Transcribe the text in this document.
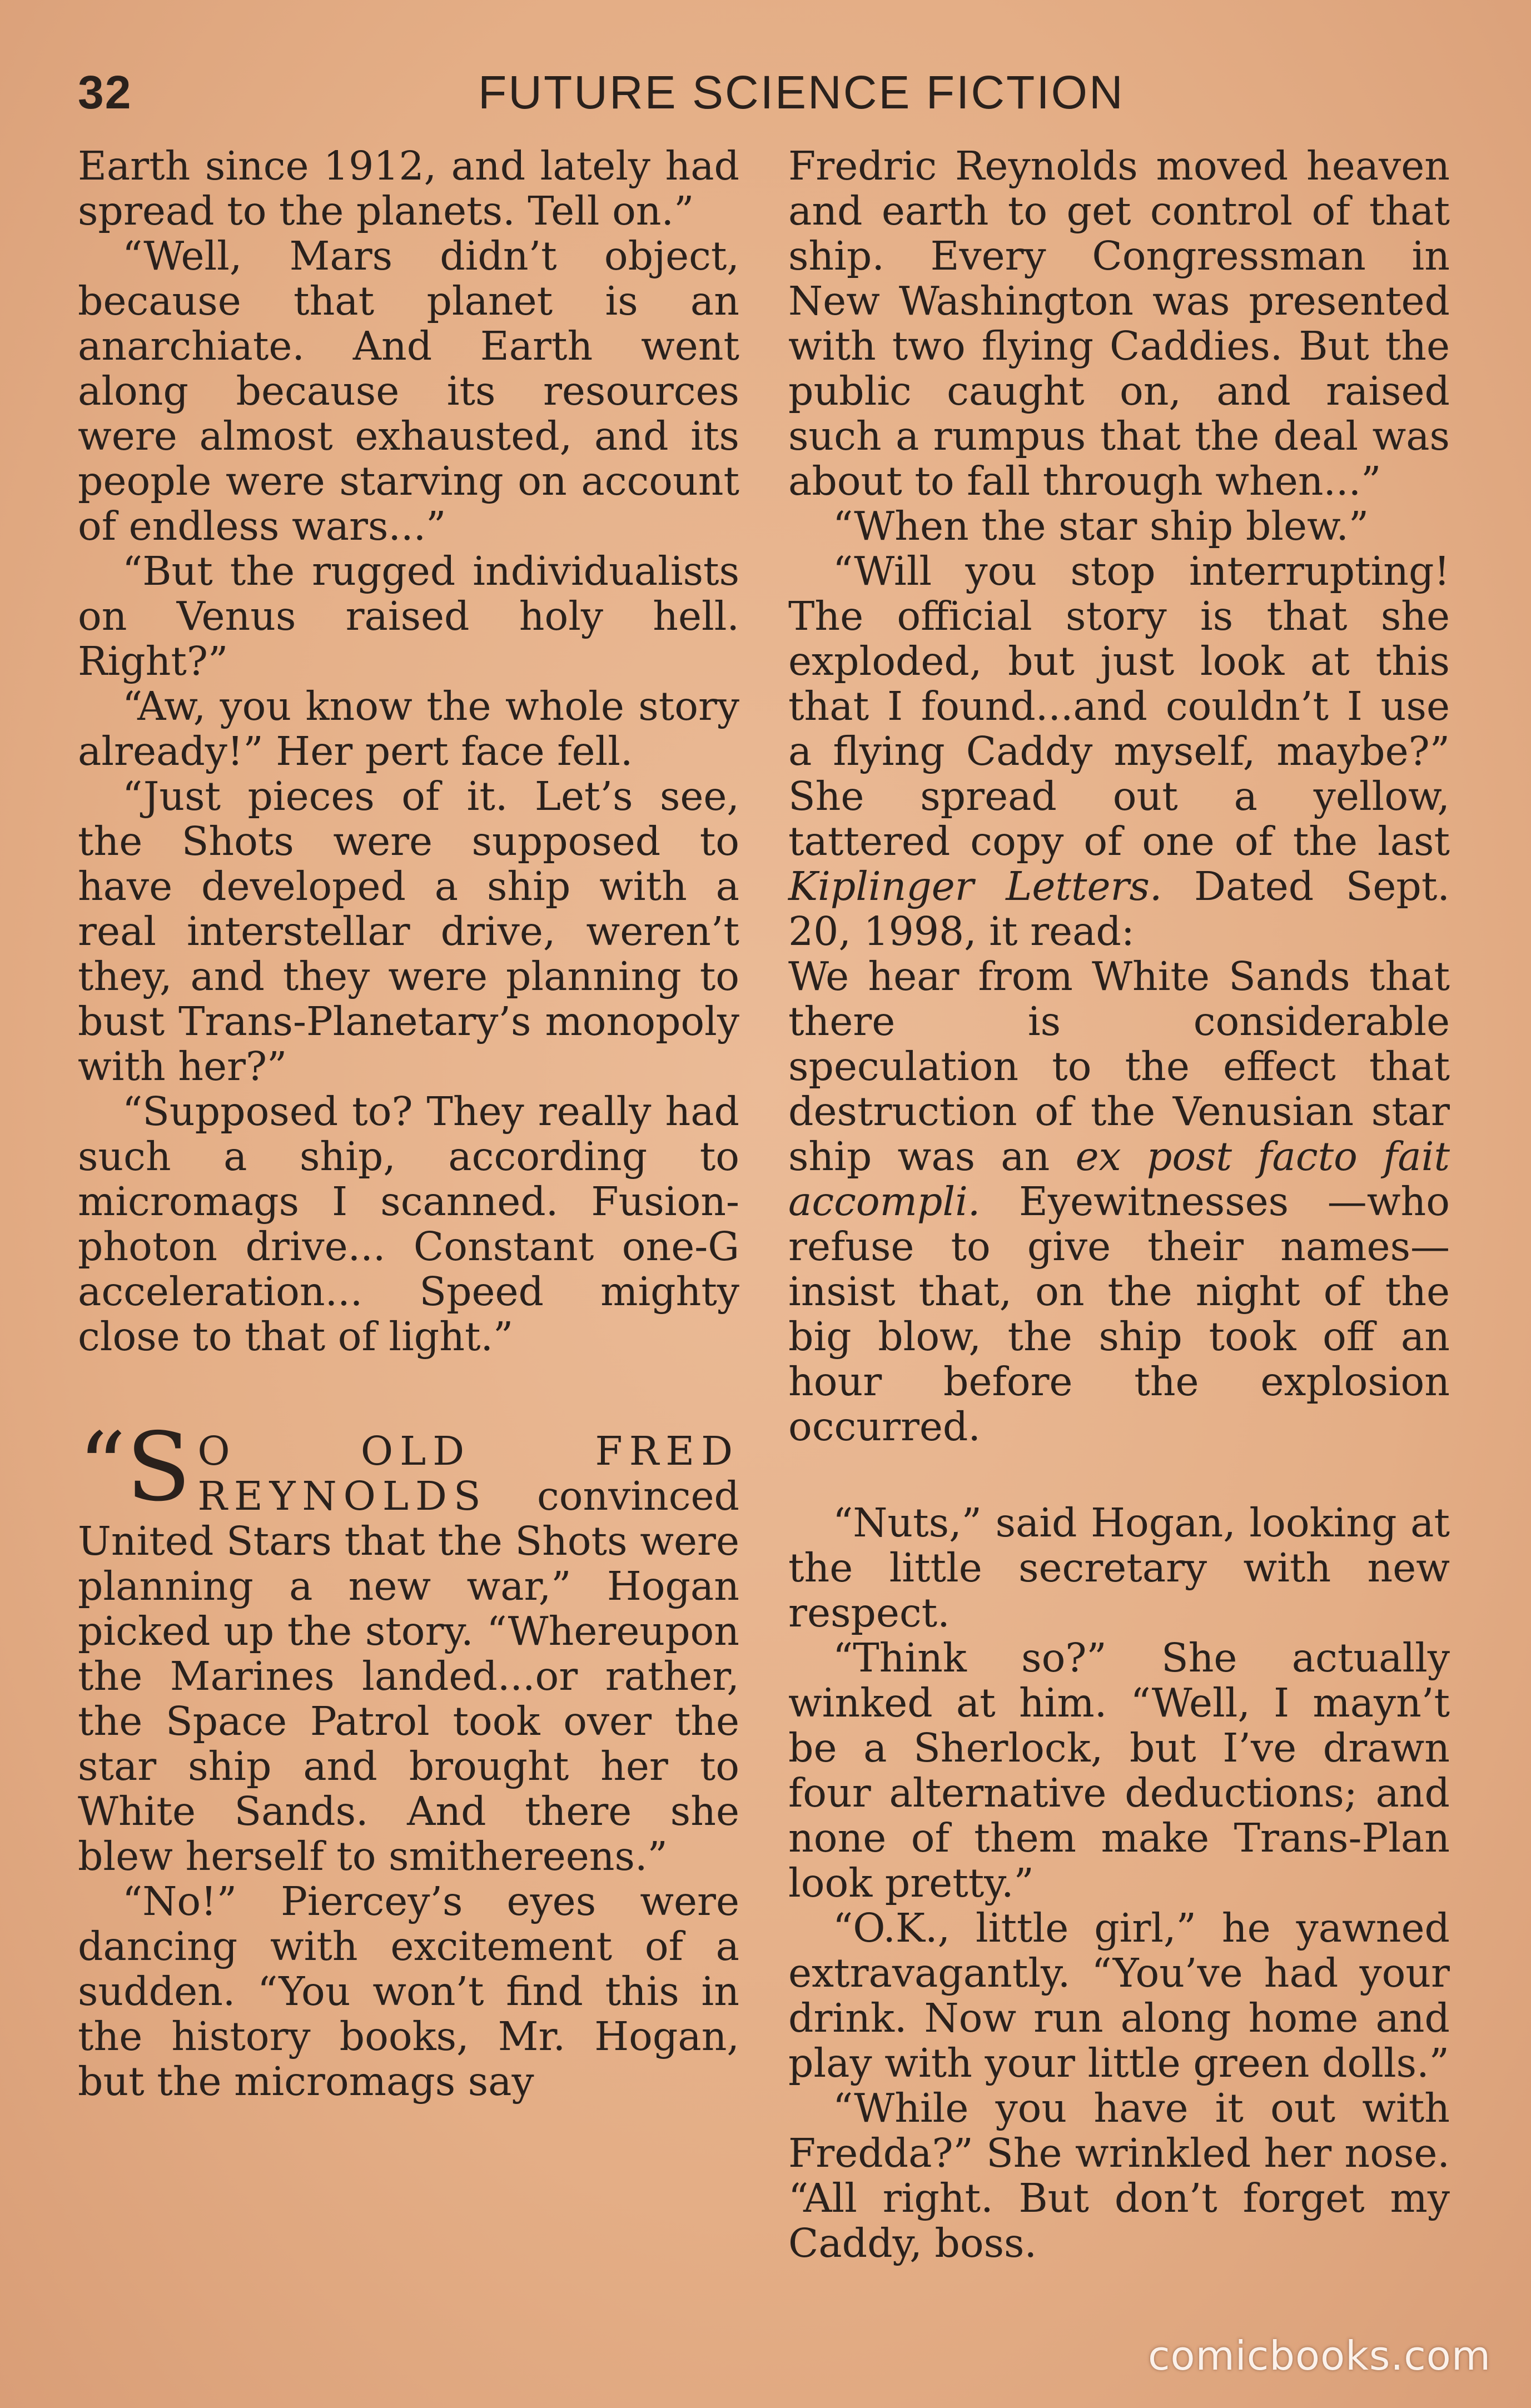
32	FUTURE SCIENCE FICTION

Earth since 1912, and lately had spread to the planets. Tell on.”

“Well, Mars didn’t object, because that planet is an anarchiate. And Earth went along because its resources were almost exhausted, and its people were starving on account of endless wars...”

“But the rugged individualists on Venus raised holy hell. Right?”

“Aw, you know the whole story already!” Her pert face fell.

“Just pieces of it. Let’s see, the Shots were supposed to have developed a ship with a real interstellar drive, weren’t they, and they were planning to bust Trans-Planetary’s monopoly with her?”

“Supposed to? They really had such a ship, according to micromags I scanned. Fusion-photon drive... Constant one-G acceleration... Speed mighty close to that of light.”

“S O OLD FRED REYNOLDS convinced United Stars that the Shots were planning a new war,” Hogan picked up the story. “Whereupon the Marines landed...or rather, the Space Patrol took over the star ship and brought her to White Sands. And there she blew herself to smithereens.”

“No!” Piercey’s eyes were dancing with excitement of a sudden. “You won’t find this in the history books, Mr. Hogan, but the micromags say

Fredric Reynolds moved heaven and earth to get control of that ship. Every Congressman in New Washington was presented with two flying Caddies. But the public caught on, and raised such a rumpus that the deal was about to fall through when...”

“When the star ship blew.”

“Will you stop interrupting! The official story is that she exploded, but just look at this that I found...and couldn’t I use a flying Caddy myself, maybe?” She spread out a yellow, tattered copy of one of the last Kiplinger Letters. Dated Sept. 20, 1998, it read:

We hear from White Sands that there is considerable speculation to the effect that destruction of the Venusian star ship was an ex post facto fait accompli. Eyewitnesses —who refuse to give their names— insist that, on the night of the big blow, the ship took off an hour before the explosion occurred.

“Nuts,” said Hogan, looking at the little secretary with new respect.

“Think so?” She actually winked at him. “Well, I mayn’t be a Sherlock, but I’ve drawn four alternative deductions; and none of them make Trans-Plan look pretty.”

“O.K., little girl,” he yawned extravagantly. “You’ve had your drink. Now run along home and play with your little green dolls.”

“While you have it out with Fredda?” She wrinkled her nose. “All right. But don’t forget my Caddy, boss.

comicbooks.com
